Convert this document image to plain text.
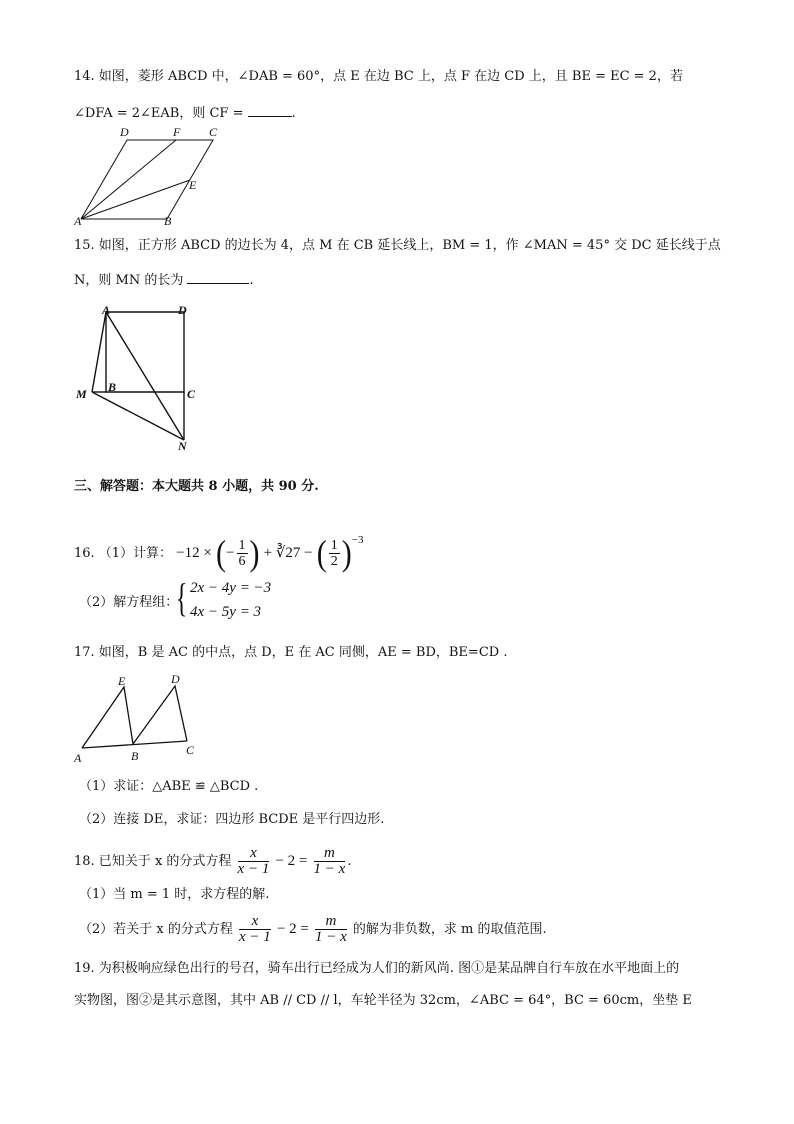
14. 如图，菱形 ABCD 中，∠DAB = 60°，点 E 在边 BC 上，点 F 在边 CD 上，且 BE = EC = 2，若
∠DFA = 2∠EAB，则 CF =	.
D	F C
E
A	B
15. 如图，正方形 ABCD 的边长为 4，点 M 在 CB 延长线上，BM = 1，作 ∠MAN = 45° 交 DC 延长线于点
N，则 MN 的长为	.
A	D
M B	C
N
三、解答题：本大题共 8 小题，共 90 分.
16. （1）计算： −12 × (− $\frac{1}{6}$ ) + ∛27 − ( $\frac{1}{2} )^{-3}$
（2）解方程组：
{ 2x − 4y = −3
4x − 5y = 3
17. 如图，B 是 AC 的中点，点 D，E 在 AC 同侧，AE = BD，BE=CD .
E	D
A	B	C
（1）求证：△ABE ≌ △BCD .
（2）连接 DE，求证：四边形 BCDE 是平行四边形.
18. 已知关于 x 的分式方程 $\frac{x}{x - 1} - 2 = \frac{m}{1 - x}$ .
（1）当 m = 1 时，求方程的解.
（2）若关于 x 的分式方程 $\frac{x}{x - 1} - 2 = \frac{m}{1 - x}$ 的解为非负数，求 m 的取值范围.
19. 为积极响应绿色出行的号召，骑车出行已经成为人们的新风尚. 图①是某品牌自行车放在水平地面上的
实物图，图②是其示意图，其中 AB // CD // l，车轮半径为 32cm，∠ABC = 64°，BC = 60cm，坐垫 E
